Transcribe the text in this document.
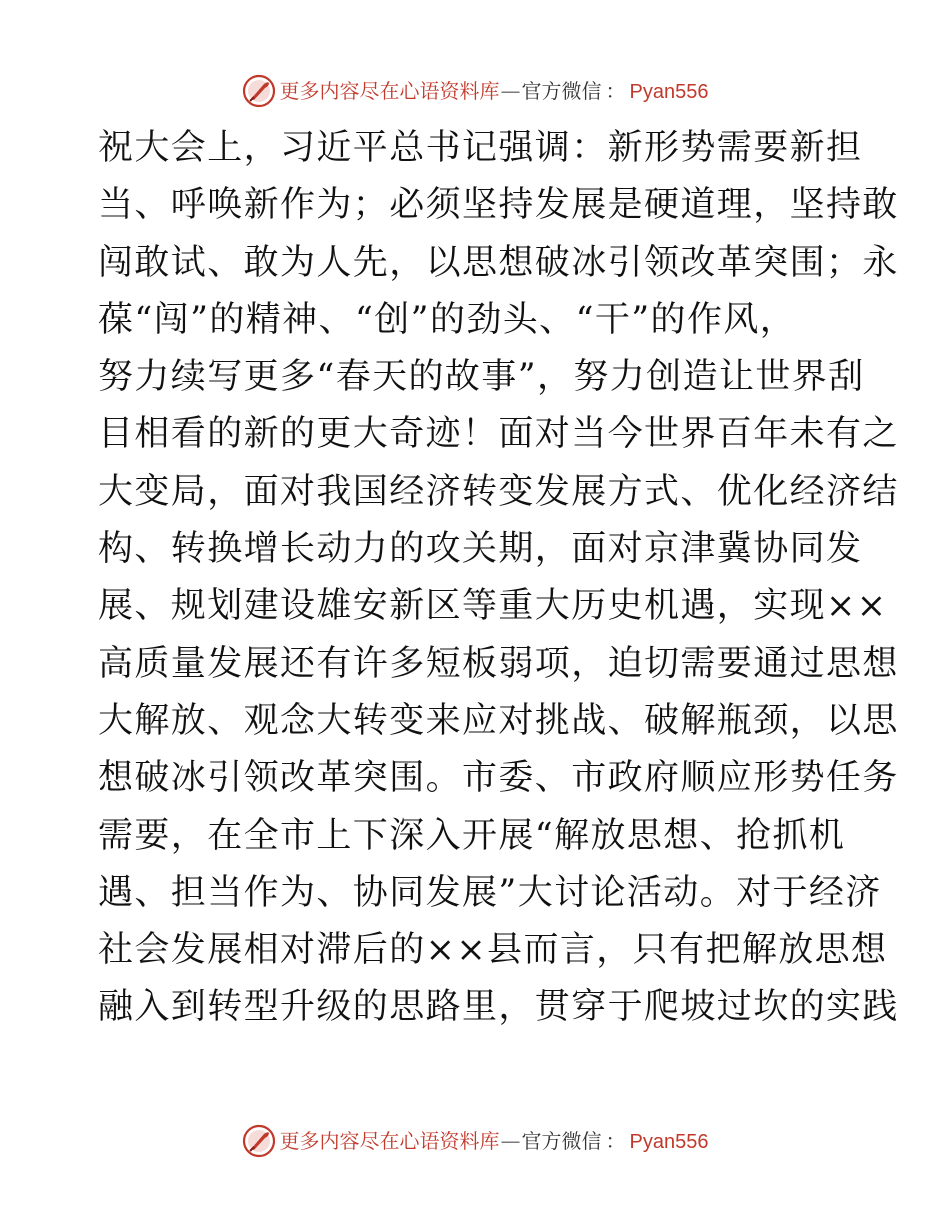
更多内容尽在心语资料库 — 官方微信 ： Pyan556
祝大会上，习近平总书记强调：新形势需要新担
当、呼唤新作为；必须坚持发展是硬道理，坚持敢
闯敢试、敢为人先，以思想破冰引领改革突围；永
葆“闯”的精神、“创”的劲头、“干”的作风，
努力续写更多“春天的故事”，努力创造让世界刮
目相看的新的更大奇迹！面对当今世界百年未有之
大变局，面对我国经济转变发展方式、优化经济结
构、转换增长动力的攻关期，面对京津冀协同发
展、规划建设雄安新区等重大历史机遇，实现××
高质量发展还有许多短板弱项，迫切需要通过思想
大解放、观念大转变来应对挑战、破解瓶颈，以思
想破冰引领改革突围。市委、市政府顺应形势任务
需要，在全市上下深入开展“解放思想、抢抓机
遇、担当作为、协同发展”大讨论活动。对于经济
社会发展相对滞后的××县而言，只有把解放思想
融入到转型升级的思路里，贯穿于爬坡过坎的实践
更多内容尽在心语资料库 — 官方微信 ： Pyan556
